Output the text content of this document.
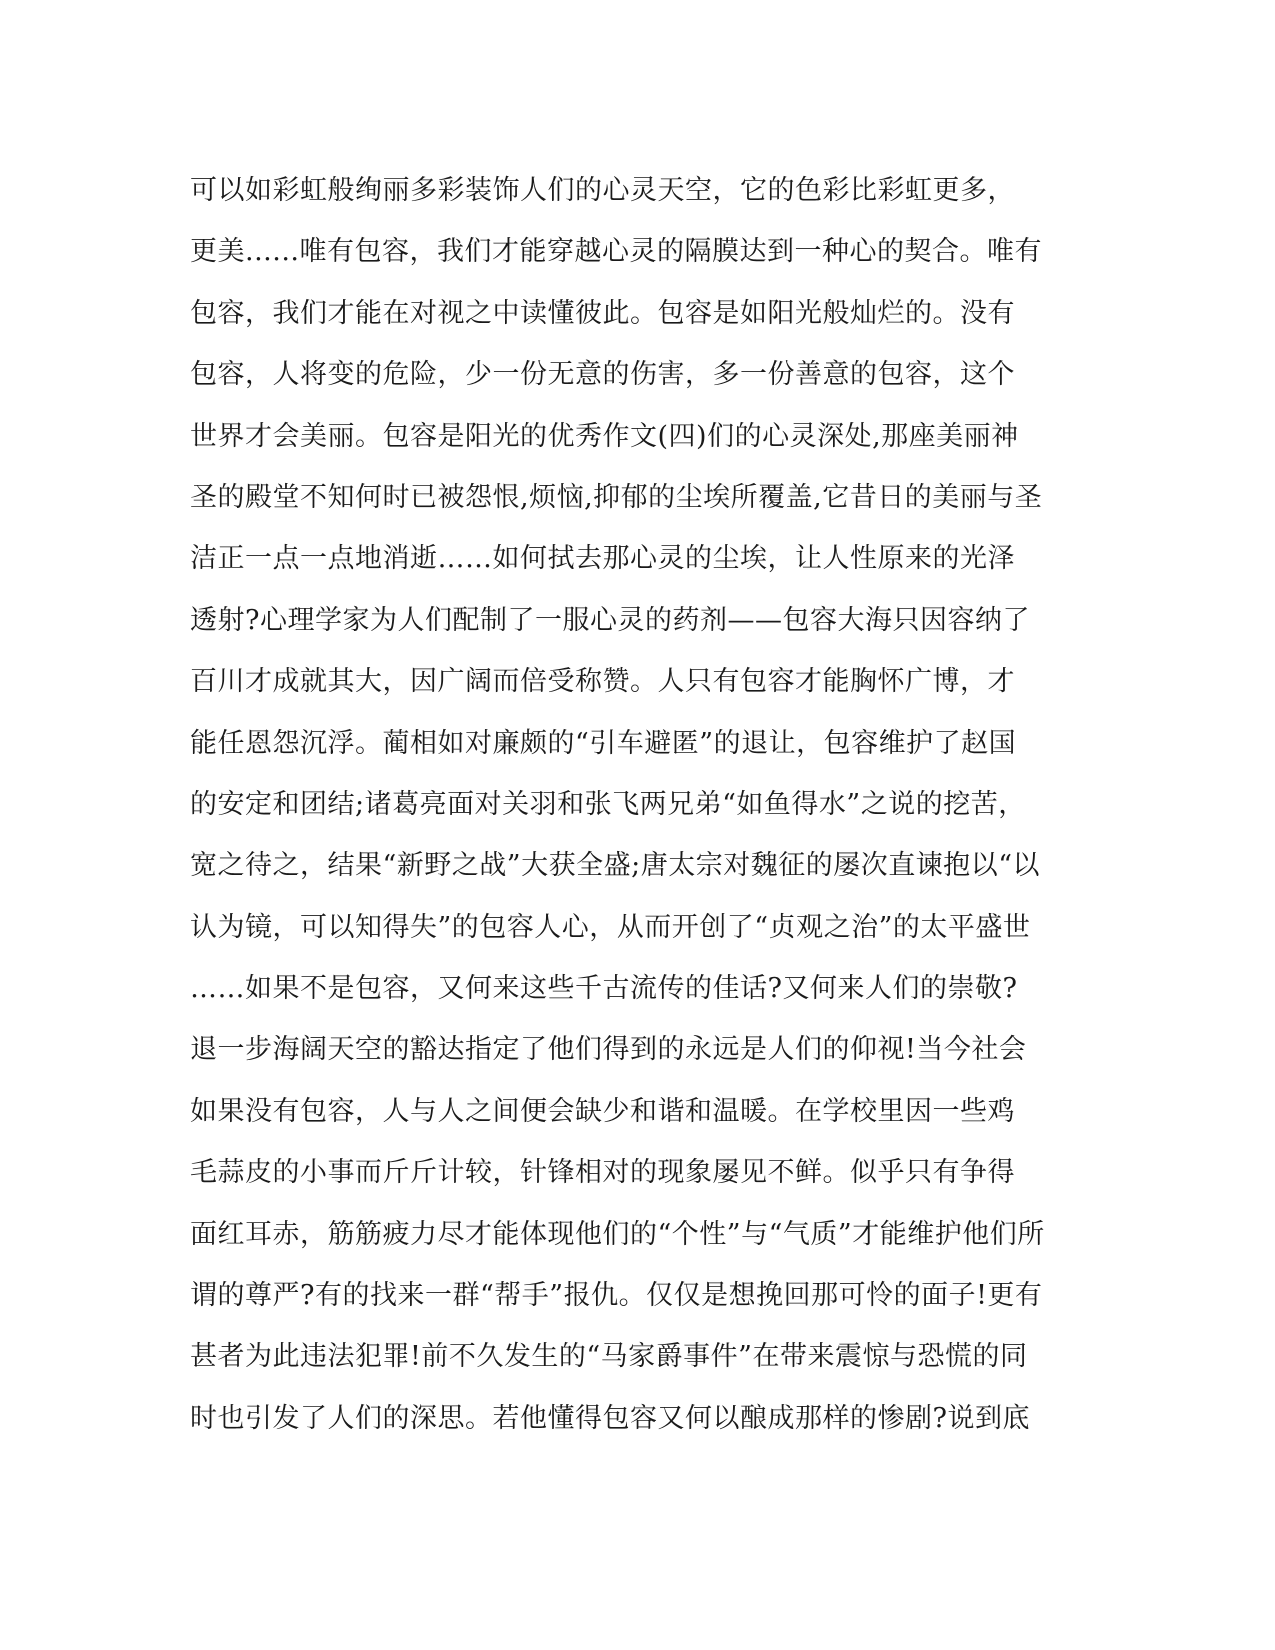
可以如彩虹般绚丽多彩装饰人们的心灵天空，它的色彩比彩虹更多，
更美......唯有包容，我们才能穿越心灵的隔膜达到一种心的契合。唯有
包容，我们才能在对视之中读懂彼此。包容是如阳光般灿烂的。没有
包容，人将变的危险，少一份无意的伤害，多一份善意的包容，这个
世界才会美丽。包容是阳光的优秀作文(四)们的心灵深处,那座美丽神
圣的殿堂不知何时已被怨恨,烦恼,抑郁的尘埃所覆盖,它昔日的美丽与圣
洁正一点一点地消逝……如何拭去那心灵的尘埃，让人性原来的光泽
透射?心理学家为人们配制了一服心灵的药剂——包容大海只因容纳了
百川才成就其大，因广阔而倍受称赞。人只有包容才能胸怀广博，才
能任恩怨沉浮。蔺相如对廉颇的“引车避匿”的退让，包容维护了赵国
的安定和团结;诸葛亮面对关羽和张飞两兄弟“如鱼得水”之说的挖苦，
宽之待之，结果“新野之战”大获全盛;唐太宗对魏征的屡次直谏抱以“以
认为镜，可以知得失”的包容人心，从而开创了“贞观之治”的太平盛世
……如果不是包容，又何来这些千古流传的佳话?又何来人们的崇敬?
退一步海阔天空的豁达指定了他们得到的永远是人们的仰视!当今社会
如果没有包容，人与人之间便会缺少和谐和温暖。在学校里因一些鸡
毛蒜皮的小事而斤斤计较，针锋相对的现象屡见不鲜。似乎只有争得
面红耳赤，筋筋疲力尽才能体现他们的“个性”与“气质”才能维护他们所
谓的尊严?有的找来一群“帮手”报仇。仅仅是想挽回那可怜的面子!更有
甚者为此违法犯罪!前不久发生的“马家爵事件”在带来震惊与恐慌的同
时也引发了人们的深思。若他懂得包容又何以酿成那样的惨剧?说到底
